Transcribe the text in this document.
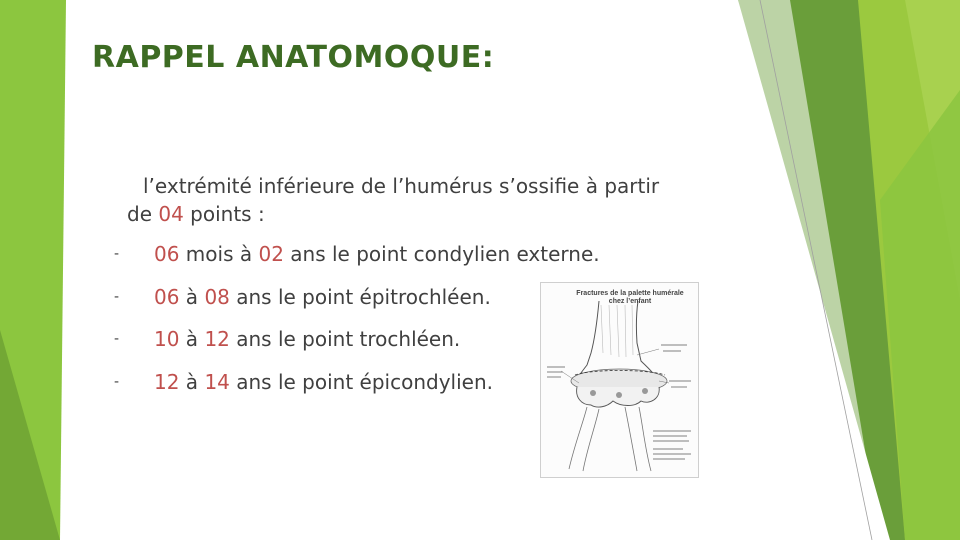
RAPPEL ANATOMOQUE:
l’extrémité inférieure de l’humérus s’ossifie à partir
de 04 points :
- 06 mois à 02 ans le point condylien externe.
- 06 à 08 ans le point épitrochléen.
- 10 à 12 ans le point trochléen.
- 12 à 14 ans le point épicondylien.
Fractures de la palette humérale
chez l’enfant
